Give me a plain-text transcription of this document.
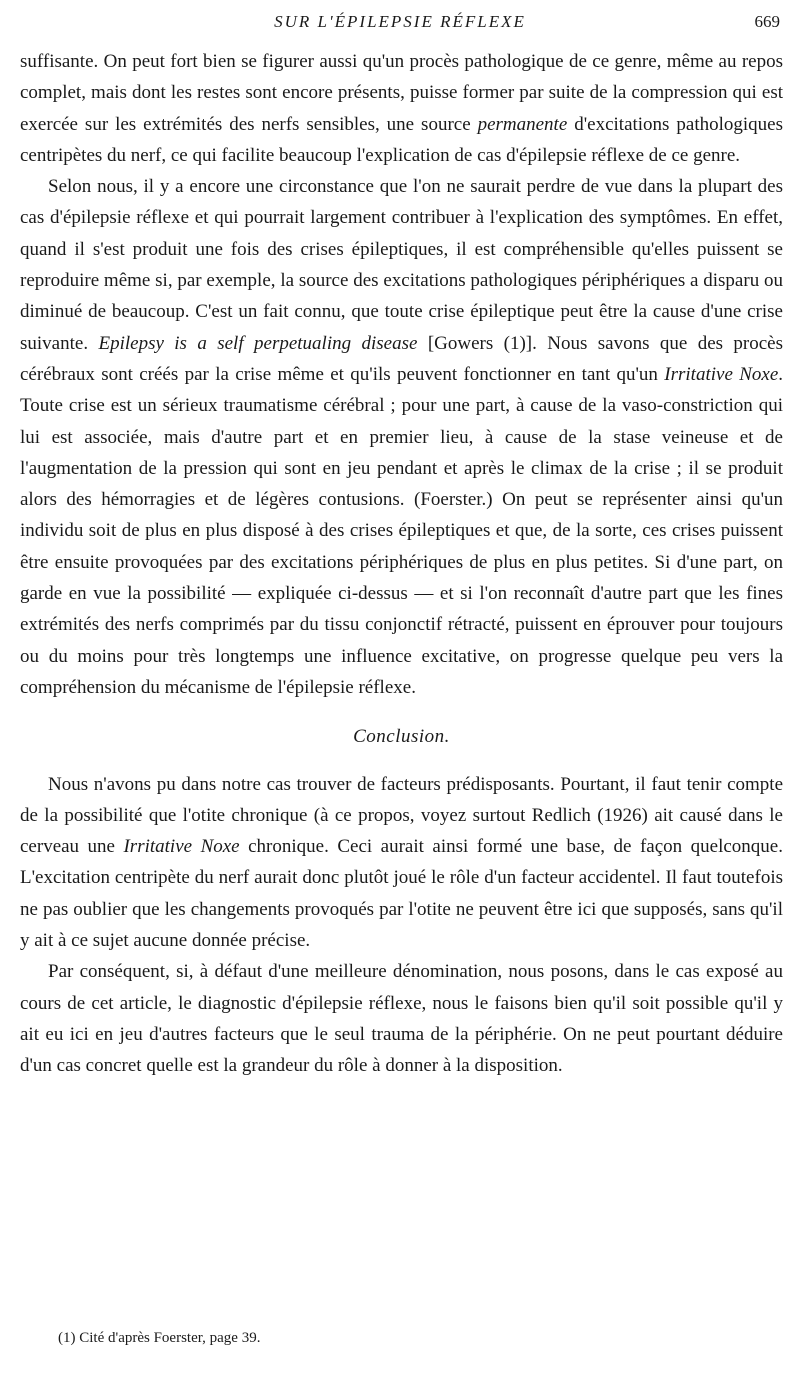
SUR L'ÉPILEPSIE RÉFLEXE	669

suffisante. On peut fort bien se figurer aussi qu'un procès pathologique de ce genre, même au repos complet, mais dont les restes sont encore présents, puisse former par suite de la compression qui est exercée sur les extrémités des nerfs sensibles, une source permanente d'excitations pathologiques centripètes du nerf, ce qui facilite beaucoup l'explication de cas d'épilepsie réflexe de ce genre.

Selon nous, il y a encore une circonstance que l'on ne saurait perdre de vue dans la plupart des cas d'épilepsie réflexe et qui pourrait largement contribuer à l'explication des symptômes. En effet, quand il s'est produit une fois des crises épileptiques, il est compréhensible qu'elles puissent se reproduire même si, par exemple, la source des excitations pathologiques périphériques a disparu ou diminué de beaucoup. C'est un fait connu, que toute crise épileptique peut être la cause d'une crise suivante. Epilepsy is a self perpetualing disease [Gowers (1)]. Nous savons que des procès cérébraux sont créés par la crise même et qu'ils peuvent fonctionner en tant qu'un Irritative Noxe. Toute crise est un sérieux traumatisme cérébral ; pour une part, à cause de la vaso-constriction qui lui est associée, mais d'autre part et en premier lieu, à cause de la stase veineuse et de l'augmentation de la pression qui sont en jeu pendant et après le climax de la crise ; il se produit alors des hémorragies et de légères contusions. (Foerster.) On peut se représenter ainsi qu'un individu soit de plus en plus disposé à des crises épileptiques et que, de la sorte, ces crises puissent être ensuite provoquées par des excitations périphériques de plus en plus petites. Si d'une part, on garde en vue la possibilité — expliquée ci-dessus — et si l'on reconnaît d'autre part que les fines extrémités des nerfs comprimés par du tissu conjonctif rétracté, puissent en éprouver pour toujours ou du moins pour très longtemps une influence excitative, on progresse quelque peu vers la compréhension du mécanisme de l'épilepsie réflexe.

Conclusion.

Nous n'avons pu dans notre cas trouver de facteurs prédisposants. Pourtant, il faut tenir compte de la possibilité que l'otite chronique (à ce propos, voyez surtout Redlich (1926) ait causé dans le cerveau une Irritative Noxe chronique. Ceci aurait ainsi formé une base, de façon quelconque. L'excitation centripète du nerf aurait donc plutôt joué le rôle d'un facteur accidentel. Il faut toutefois ne pas oublier que les changements provoqués par l'otite ne peuvent être ici que supposés, sans qu'il y ait à ce sujet aucune donnée précise.

Par conséquent, si, à défaut d'une meilleure dénomination, nous posons, dans le cas exposé au cours de cet article, le diagnostic d'épilepsie réflexe, nous le faisons bien qu'il soit possible qu'il y ait eu ici en jeu d'autres facteurs que le seul trauma de la périphérie. On ne peut pourtant déduire d'un cas concret quelle est la grandeur du rôle à donner à la disposition.

(1) Cité d'après Foerster, page 39.
